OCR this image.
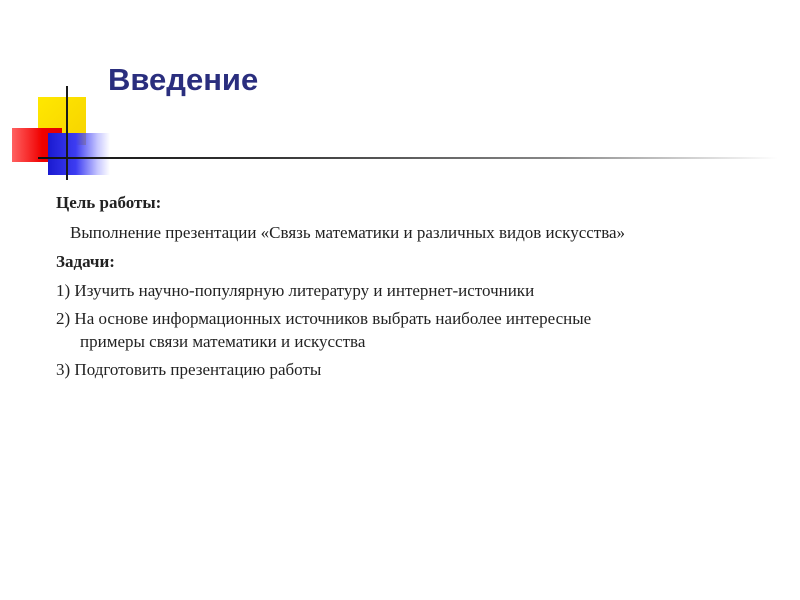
Введение
Цель работы:
Выполнение презентации «Связь математики и различных видов искусства»
Задачи:
1) Изучить научно-популярную литературу и интернет-источники
2) На основе информационных источников выбрать наиболее интересные
примеры связи математики и искусства
3) Подготовить презентацию работы
